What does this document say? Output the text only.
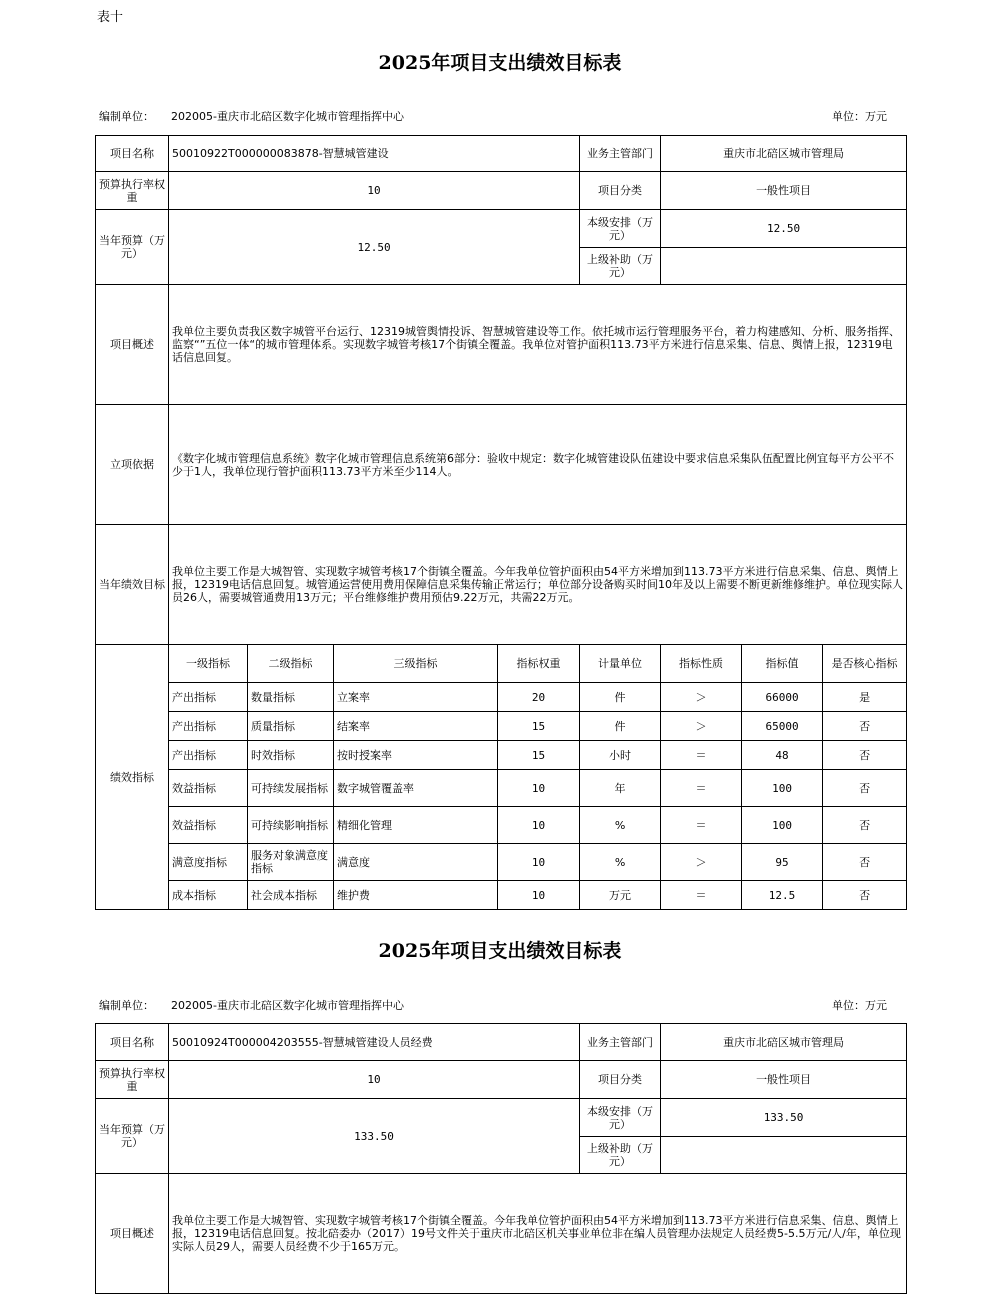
表十
2025年项目支出绩效目标表
编制单位： 202005-重庆市北碚区数字化城市管理指挥中心	单位：万元
项目名称	50010922T000000083878-智慧城管建设				业务主管部门	重庆市北碚区城市管理局		
预算执行率权重	10				项目分类	一般性项目		
当年预算（万元）	12.50				本级安排（万元）	12.50		
					上级补助（万元）			
项目概述	我单位主要负责我区数字城管平台运行、12319城管舆情投诉、智慧城管建设等工作。依托城市运行管理服务平台，着力构建感知、分析、服务指挥、监察“”五位一体“的城市管理体系。实现数字城管考核17个街镇全覆盖。我单位对管护面积113.73平方米进行信息采集、信息、舆情上报，12319电话信息回复。							
立项依据	《数字化城市管理信息系统》数字化城市管理信息系统第6部分：验收中规定：数字化城管建设队伍建设中要求信息采集队伍配置比例宜每平方公平不少于1人，我单位现行管护面积113.73平方米至少114人。							
当年绩效目标	我单位主要工作是大城智管、实现数字城管考核17个街镇全覆盖。今年我单位管护面积由54平方米增加到113.73平方米进行信息采集、信息、舆情上报，12319电话信息回复。城管通运营使用费用保障信息采集传输正常运行；单位部分设备购买时间10年及以上需要不断更新维修维护。单位现实际人员26人，需要城管通费用13万元；平台维修维护费用预估9.22万元，共需22万元。							
绩效指标	一级指标	二级指标	三级指标	指标权重	计量单位	指标性质	指标值	是否核心指标
	产出指标	数量指标	立案率	20	件	＞	66000	是
	产出指标	质量指标	结案率	15	件	＞	65000	否
	产出指标	时效指标	按时授案率	15	小时	＝	48	否
	效益指标	可持续发展指标	数字城管覆盖率	10	年	＝	100	否
	效益指标	可持续影响指标	精细化管理	10	%	＝	100	否
	满意度指标	服务对象满意度指标	满意度	10	%	＞	95	否
	成本指标	社会成本指标	维护费	10	万元	＝	12.5	否
2025年项目支出绩效目标表
编制单位： 202005-重庆市北碚区数字化城市管理指挥中心	单位：万元
项目名称	50010924T000004203555-智慧城管建设人员经费	业务主管部门	重庆市北碚区城市管理局
预算执行率权重	10	项目分类	一般性项目
当年预算（万元）	133.50	本级安排（万元）	133.50
		上级补助（万元）	
项目概述	我单位主要工作是大城智管、实现数字城管考核17个街镇全覆盖。今年我单位管护面积由54平方米增加到113.73平方米进行信息采集、信息、舆情上报，12319电话信息回复。按北碚委办（2017）19号文件关于重庆市北碚区机关事业单位非在编人员管理办法规定人员经费5-5.5万元/人/年，单位现实际人员29人，需要人员经费不少于165万元。		
